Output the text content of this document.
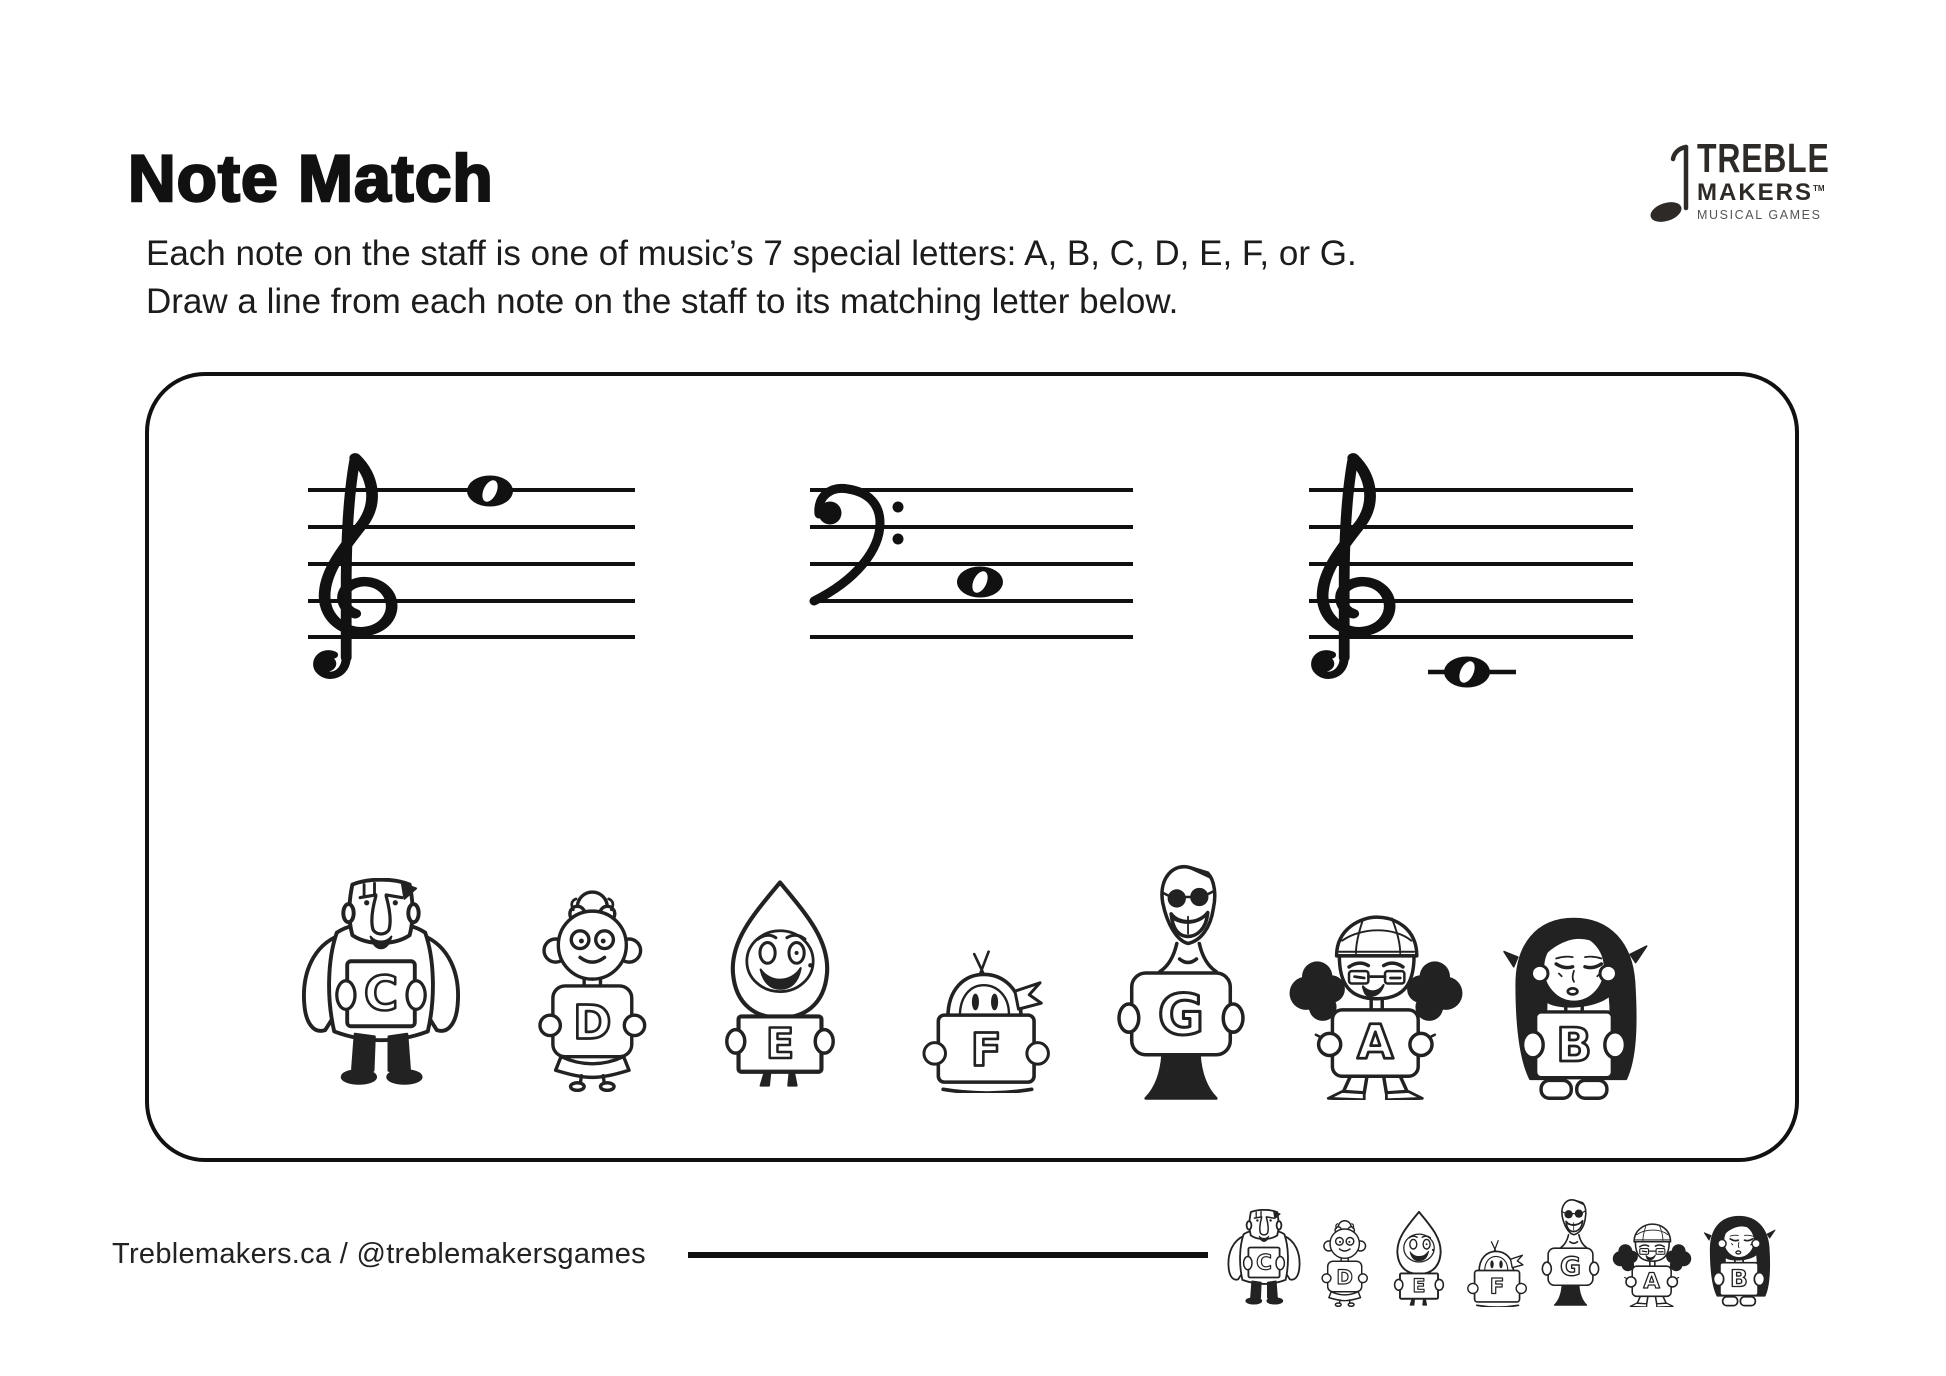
Note Match	TREBLE
MAKERS™
MUSICAL GAMES
Each note on the staff is one of music’s 7 special letters: A, B, C, D, E, F, or G.
Draw a line from each note on the staff to its matching letter below.
Treblemakers.ca / @treblemakersgames
